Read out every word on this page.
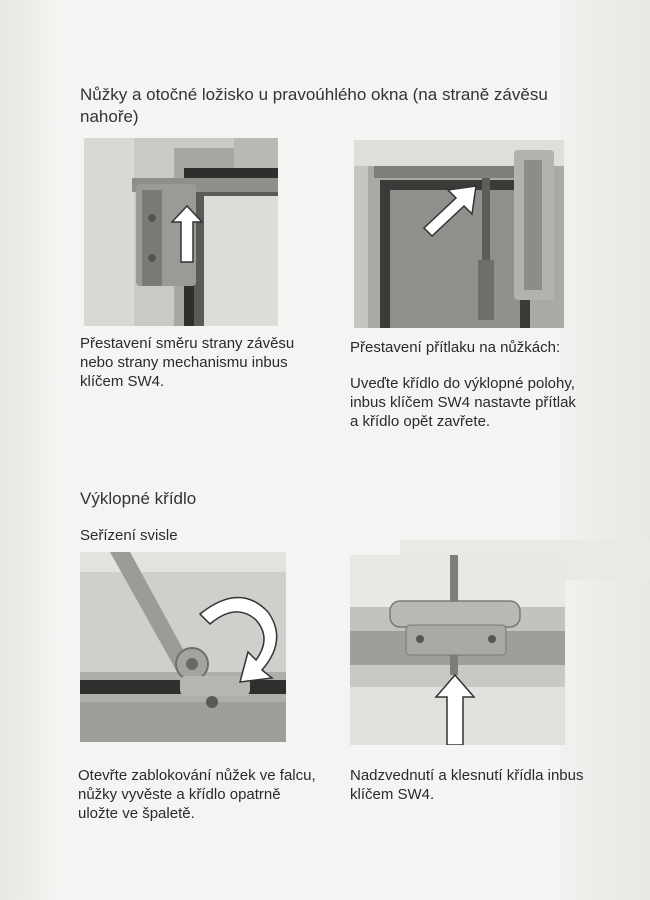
Nůžky a otočné ložisko u pravoúhlého okna (na straně závěsu
nahoře)

Přestavení směru strany závěsu
nebo strany mechanismu inbus
klíčem SW4.

Přestavení přítlaku na nůžkách:

Uveďte křídlo do výklopné polohy,
inbus klíčem SW4 nastavte přítlak
a křídlo opět zavřete.

Výklopné křídlo

Seřízení svisle

Otevřte zablokování nůžek ve falcu,
nůžky vyvěste a křídlo opatrně
uložte ve špaletě.

Nadzvednutí a klesnutí křídla inbus
klíčem SW4.
